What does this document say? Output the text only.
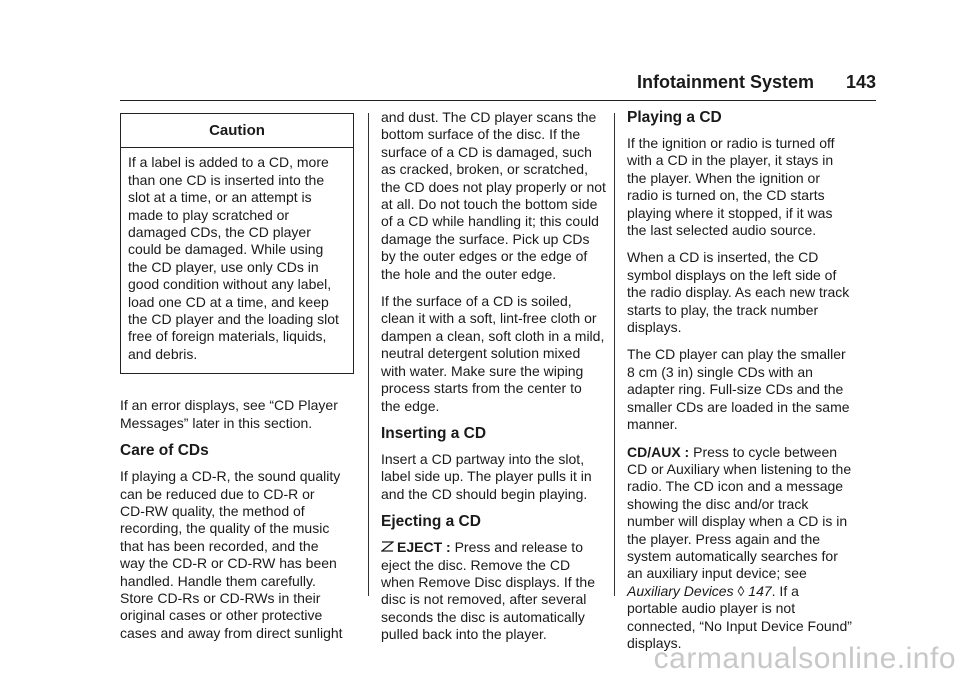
Infotainment System	143
Caution
If a label is added to a CD, more
than one CD is inserted into the
slot at a time, or an attempt is
made to play scratched or
damaged CDs, the CD player
could be damaged. While using
the CD player, use only CDs in
good condition without any label,
load one CD at a time, and keep
the CD player and the loading slot
free of foreign materials, liquids,
and debris.

If an error displays, see “CD Player
Messages” later in this section.

Care of CDs

If playing a CD-R, the sound quality
can be reduced due to CD-R or
CD-RW quality, the method of
recording, the quality of the music
that has been recorded, and the
way the CD-R or CD-RW has been
handled. Handle them carefully.
Store CD-Rs or CD-RWs in their
original cases or other protective
cases and away from direct sunlight

and dust. The CD player scans the
bottom surface of the disc. If the
surface of a CD is damaged, such
as cracked, broken, or scratched,
the CD does not play properly or not
at all. Do not touch the bottom side
of a CD while handling it; this could
damage the surface. Pick up CDs
by the outer edges or the edge of
the hole and the outer edge.

If the surface of a CD is soiled,
clean it with a soft, lint-free cloth or
dampen a clean, soft cloth in a mild,
neutral detergent solution mixed
with water. Make sure the wiping
process starts from the center to
the edge.

Inserting a CD

Insert a CD partway into the slot,
label side up. The player pulls it in
and the CD should begin playing.

Ejecting a CD

EJECT : Press and release to
eject the disc. Remove the CD
when Remove Disc displays. If the
disc is not removed, after several
seconds the disc is automatically
pulled back into the player.

Playing a CD

If the ignition or radio is turned off
with a CD in the player, it stays in
the player. When the ignition or
radio is turned on, the CD starts
playing where it stopped, if it was
the last selected audio source.

When a CD is inserted, the CD
symbol displays on the left side of
the radio display. As each new track
starts to play, the track number
displays.

The CD player can play the smaller
8 cm (3 in) single CDs with an
adapter ring. Full-size CDs and the
smaller CDs are loaded in the same
manner.

CD/AUX : Press to cycle between
CD or Auxiliary when listening to the
radio. The CD icon and a message
showing the disc and/or track
number will display when a CD is in
the player. Press again and the
system automatically searches for
an auxiliary input device; see
Auxiliary Devices ◊ 147. If a
portable audio player is not
connected, “No Input Device Found”
displays.

carmanualsonline.info
